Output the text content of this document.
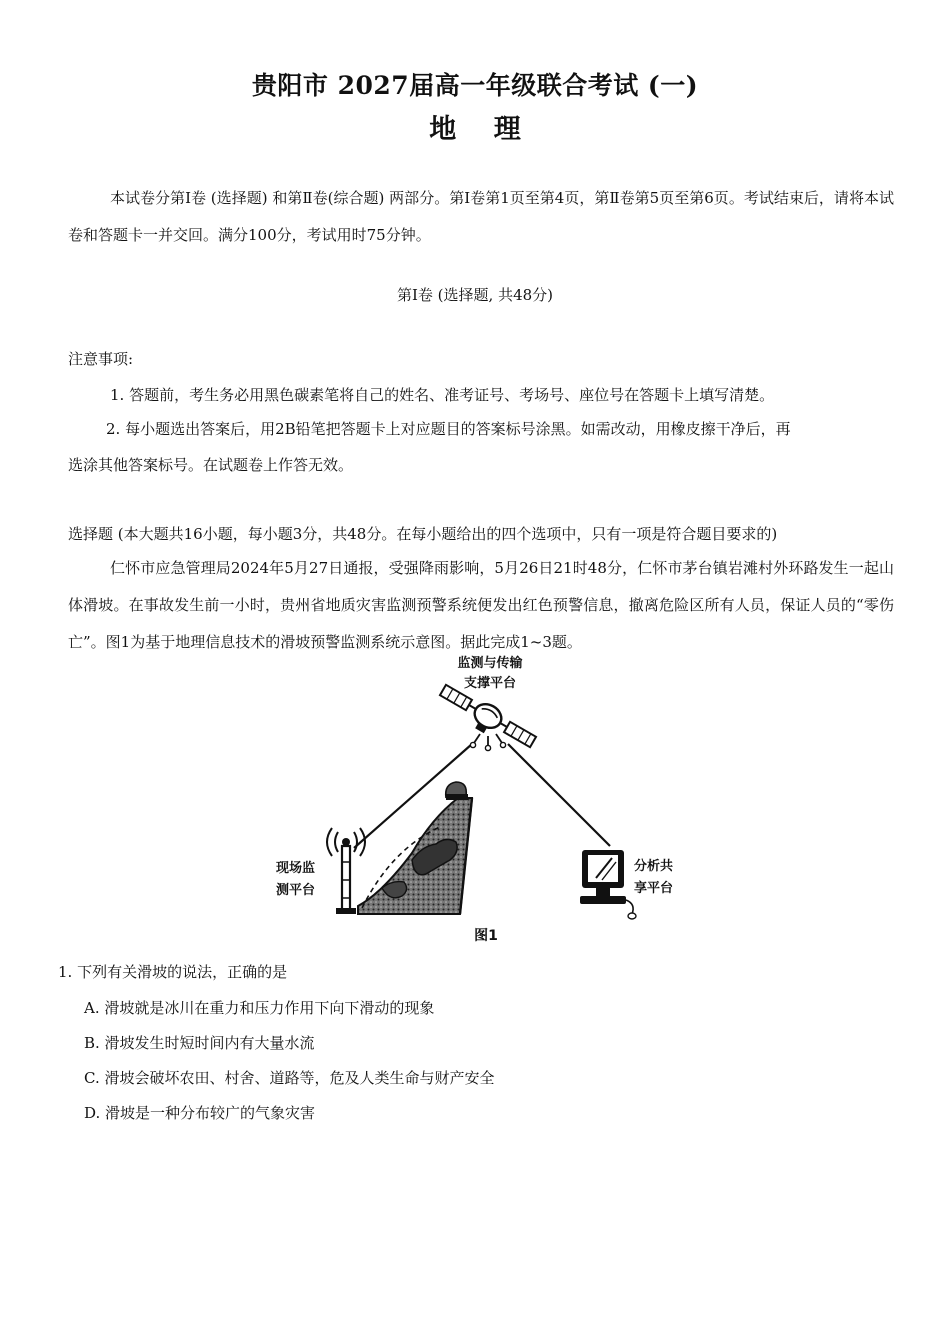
贵阳市 2027届高一年级联合考试 (一)
地 理
本试卷分第Ⅰ卷 (选择题) 和第Ⅱ卷(综合题) 两部分。第Ⅰ卷第1页至第4页，第Ⅱ卷第5页至第6页。考试结束后，请将本试卷和答题卡一并交回。满分100分，考试用时75分钟。
第Ⅰ卷 (选择题, 共48分)
注意事项:
1. 答题前，考生务必用黑色碳素笔将自己的姓名、准考证号、考场号、座位号在答题卡上填写清楚。
2. 每小题选出答案后，用2B铅笔把答题卡上对应题目的答案标号涂黑。如需改动，用橡皮擦干净后，再
选涂其他答案标号。在试题卷上作答无效。
选择题 (本大题共16小题，每小题3分，共48分。在每小题给出的四个选项中，只有一项是符合题目要求的)
仁怀市应急管理局2024年5月27日通报，受强降雨影响，5月26日21时48分，仁怀市茅台镇岩滩村外环路发生一起山体滑坡。在事故发生前一小时，贵州省地质灾害监测预警系统便发出红色预警信息，撤离危险区所有人员，保证人员的“零伤亡”。图1为基于地理信息技术的滑坡预警监测系统示意图。据此完成1~3题。
监测与传输
支撑平台
现场监
测平台
分析共
享平台
图1
1. 下列有关滑坡的说法，正确的是
A. 滑坡就是冰川在重力和压力作用下向下滑动的现象
B. 滑坡发生时短时间内有大量水流
C. 滑坡会破坏农田、村舍、道路等，危及人类生命与财产安全
D. 滑坡是一种分布较广的气象灾害
